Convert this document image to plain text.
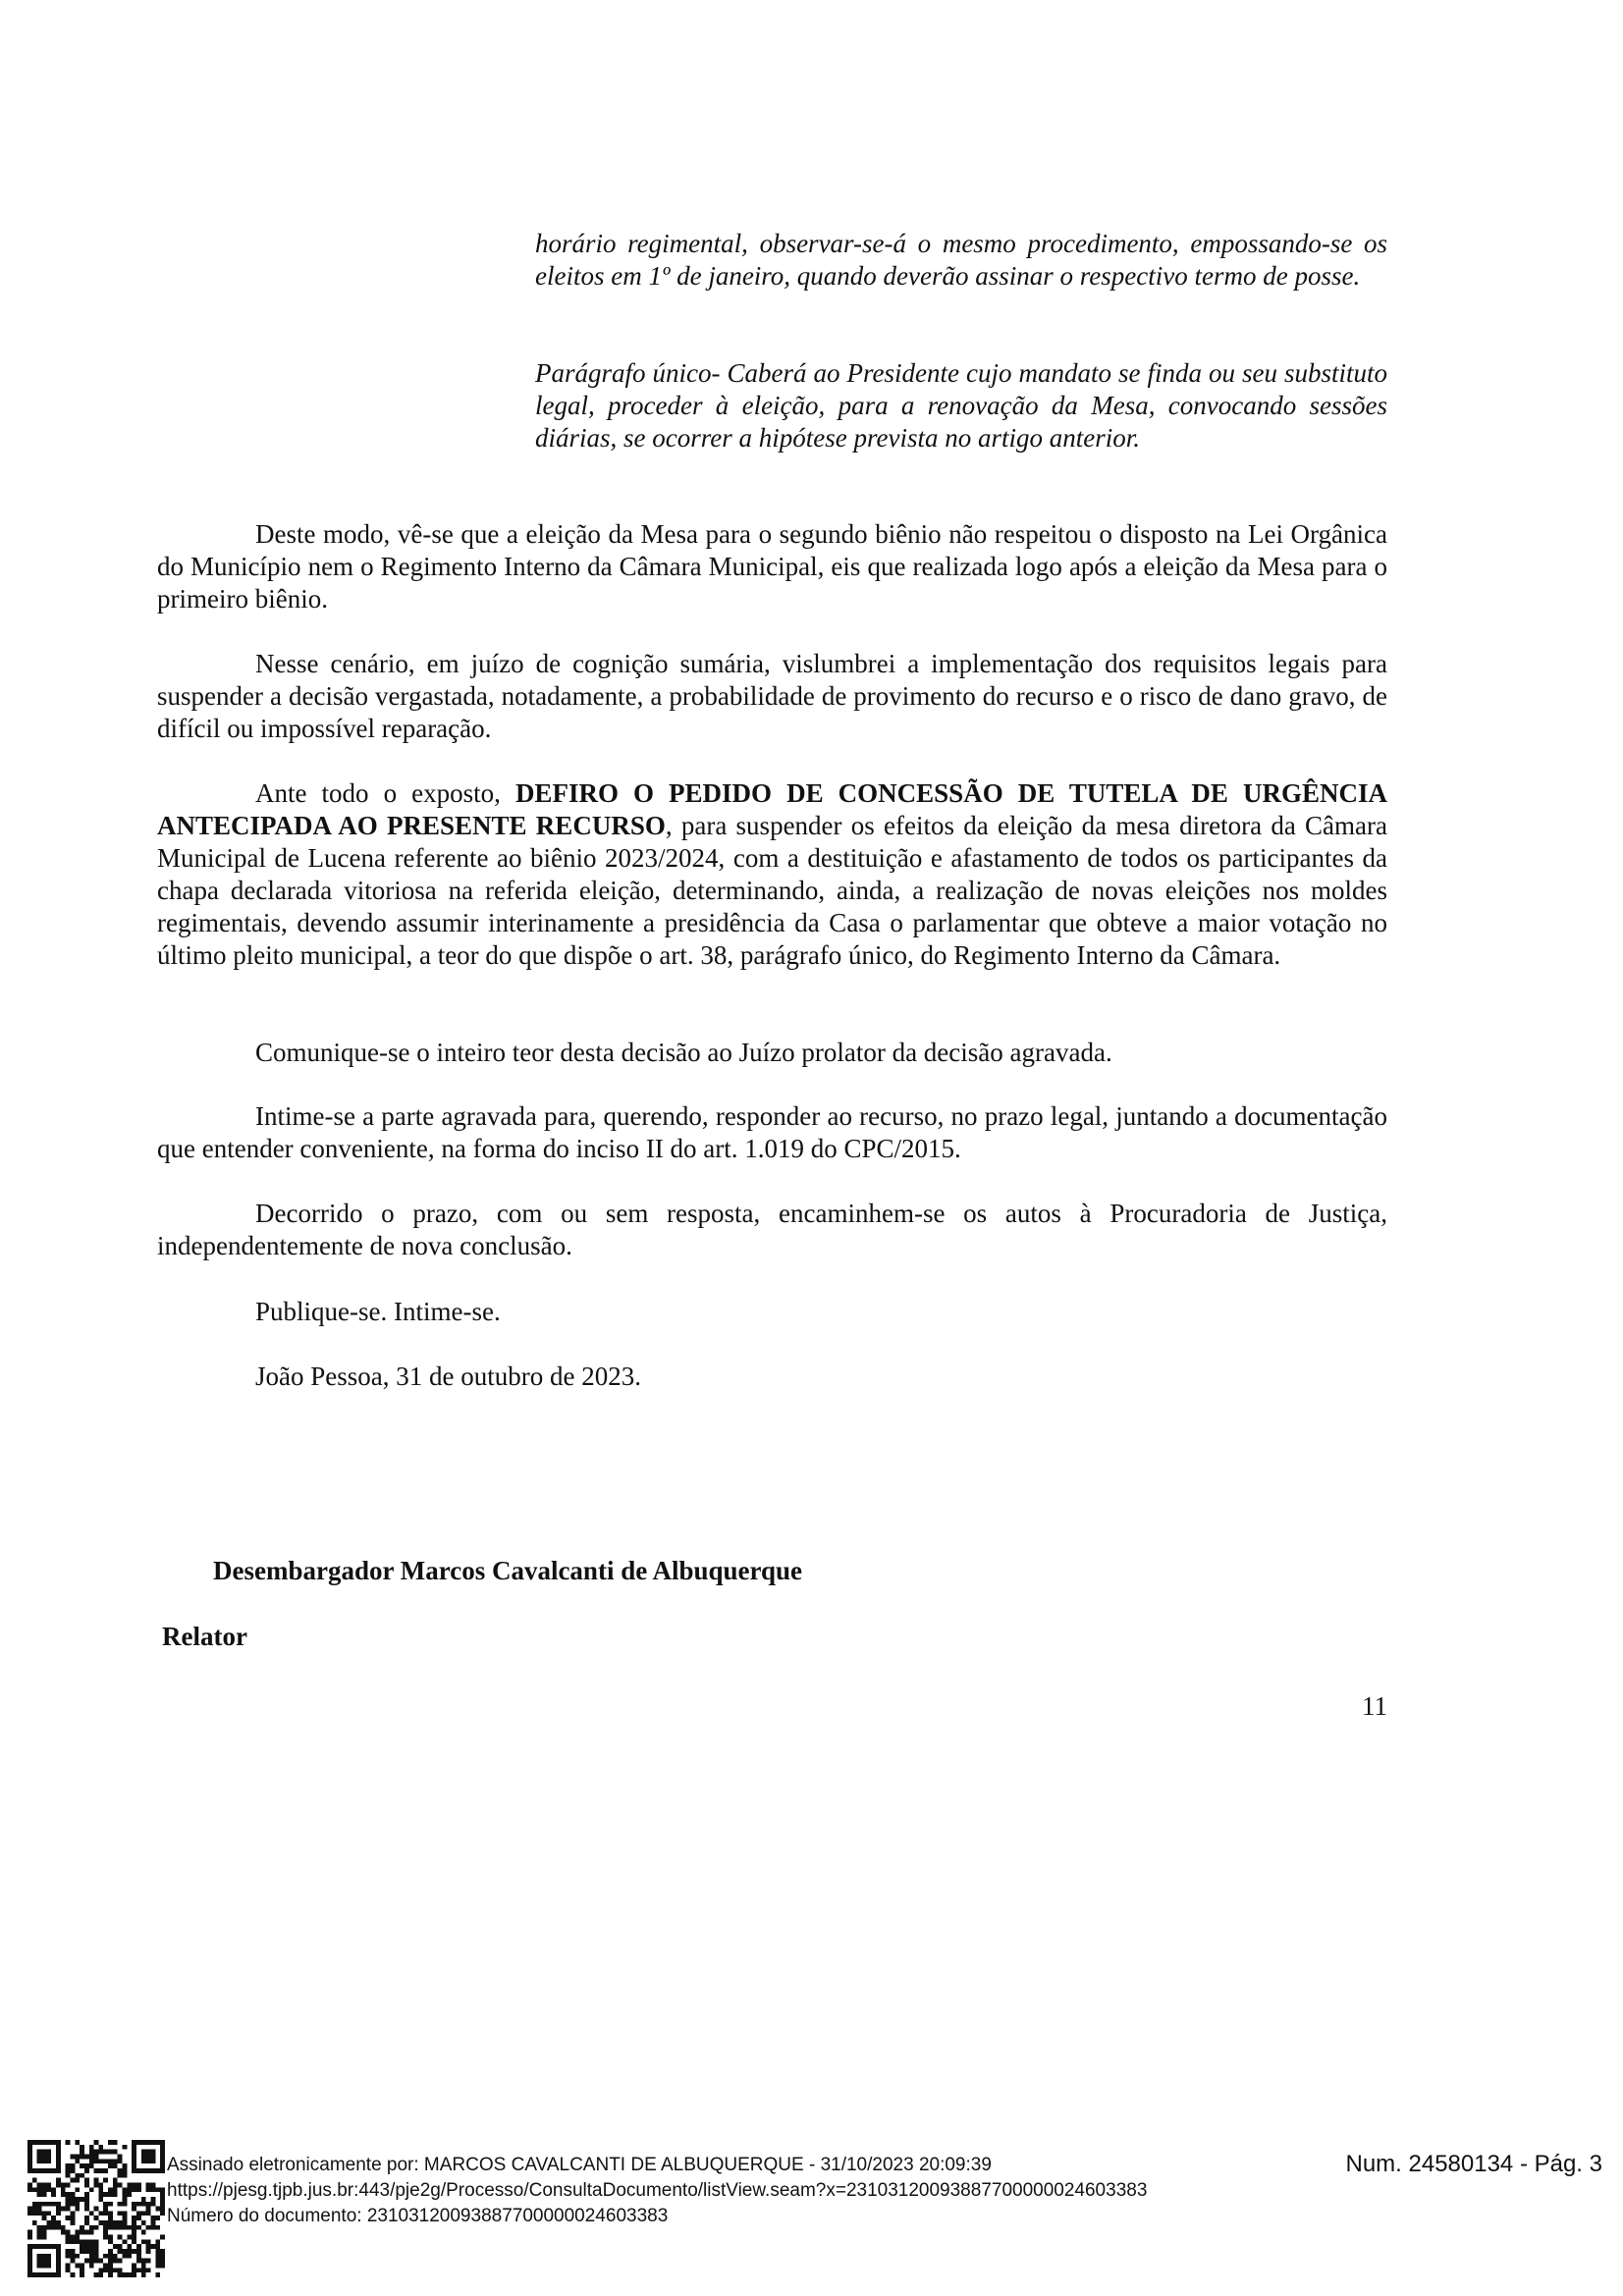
horário regimental, observar-se-á o mesmo procedimento, empossando-se os eleitos em 1º de janeiro, quando deverão assinar o respectivo termo de posse.

Parágrafo único- Caberá ao Presidente cujo mandato se finda ou seu substituto legal, proceder à eleição, para a renovação da Mesa, convocando sessões diárias, se ocorrer a hipótese prevista no artigo anterior.

Deste modo, vê-se que a eleição da Mesa para o segundo biênio não respeitou o disposto na Lei Orgânica do Município nem o Regimento Interno da Câmara Municipal, eis que realizada logo após a eleição da Mesa para o primeiro biênio.

Nesse cenário, em juízo de cognição sumária, vislumbrei a implementação dos requisitos legais para suspender a decisão vergastada, notadamente, a probabilidade de provimento do recurso e o risco de dano gravo, de difícil ou impossível reparação.

Ante todo o exposto, DEFIRO O PEDIDO DE CONCESSÃO DE TUTELA DE URGÊNCIA ANTECIPADA AO PRESENTE RECURSO, para suspender os efeitos da eleição da mesa diretora da Câmara Municipal de Lucena referente ao biênio 2023/2024, com a destituição e afastamento de todos os participantes da chapa declarada vitoriosa na referida eleição, determinando, ainda, a realização de novas eleições nos moldes regimentais, devendo assumir interinamente a presidência da Casa o parlamentar que obteve a maior votação no último pleito municipal, a teor do que dispõe o art. 38, parágrafo único, do Regimento Interno da Câmara.

Comunique-se o inteiro teor desta decisão ao Juízo prolator da decisão agravada.

Intime-se a parte agravada para, querendo, responder ao recurso, no prazo legal, juntando a documentação que entender conveniente, na forma do inciso II do art. 1.019 do CPC/2015.

Decorrido o prazo, com ou sem resposta, encaminhem-se os autos à Procuradoria de Justiça, independentemente de nova conclusão.

Publique-se. Intime-se.

João Pessoa, 31 de outubro de 2023.

Desembargador Marcos Cavalcanti de Albuquerque

Relator

11
Assinado eletronicamente por: MARCOS CAVALCANTI DE ALBUQUERQUE - 31/10/2023 20:09:39
https://pjesg.tjpb.jus.br:443/pje2g/Processo/ConsultaDocumento/listView.seam?x=23103120093887700000024603383
Número do documento: 23103120093887700000024603383
Num. 24580134 - Pág. 3
